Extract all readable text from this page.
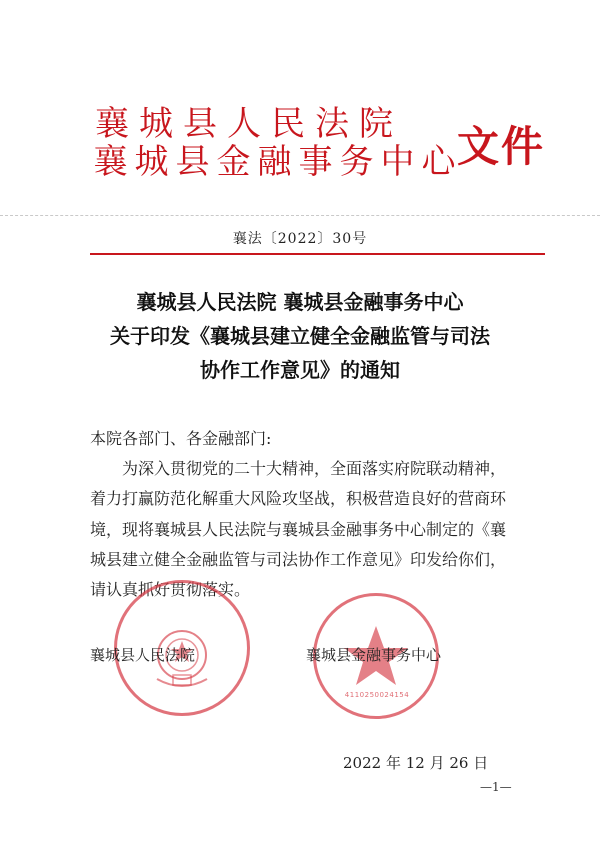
襄 城 县 人 民 法 院
襄 城 县 金 融 事 务 中 心 文件
襄法〔2022〕30号
襄城县人民法院 襄城县金融事务中心
关于印发《襄城县建立健全金融监管与司法
协作工作意见》的通知
本院各部门、各金融部门:
为深入贯彻党的二十大精神，全面落实府院联动精神，
着力打赢防范化解重大风险攻坚战，积极营造良好的营商环
境，现将襄城县人民法院与襄城县金融事务中心制定的《襄
城县建立健全金融监管与司法协作工作意见》印发给你们，
请认真抓好贯彻落实。
4110250024154
襄城县人民法院	襄城县金融事务中心
2022 年 12 月 26 日
—1—
